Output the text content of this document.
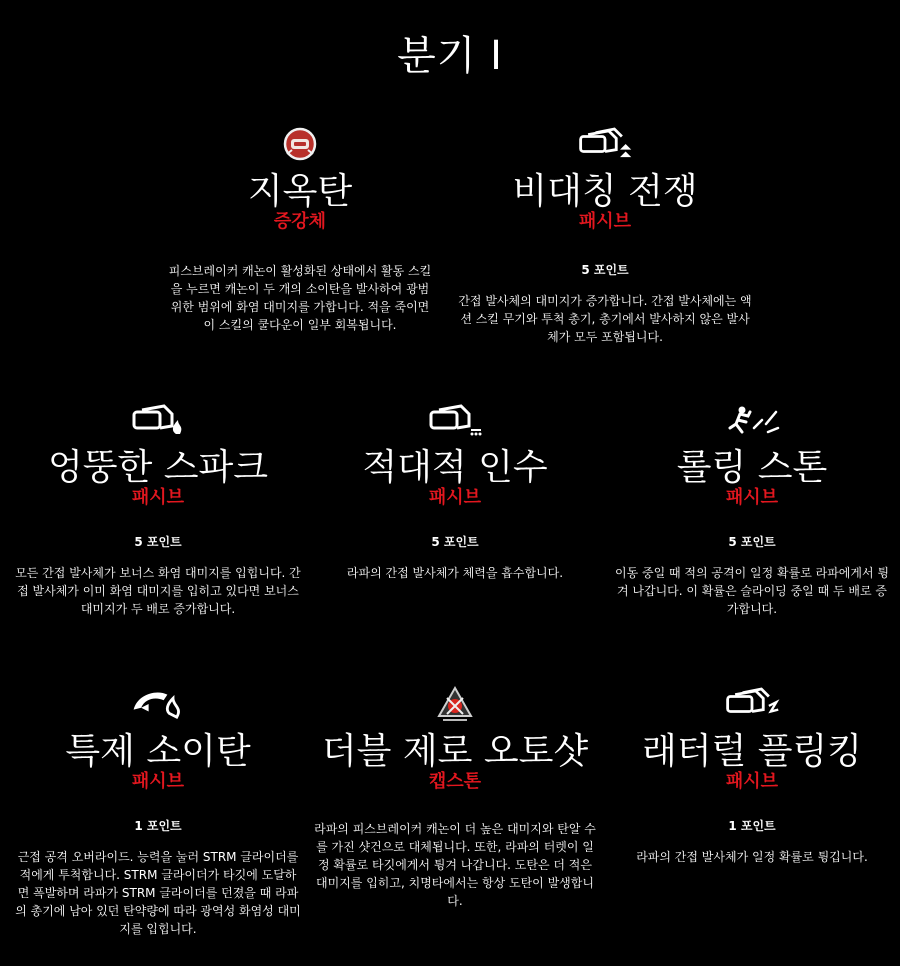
분기 I
지옥탄
증강체
피스브레이커 캐논이 활성화된 상태에서 활동 스킬을 누르면 캐논이 두 개의 소이탄을 발사하여 광범위한 범위에 화염 대미지를 가합니다. 적을 죽이면 이 스킬의 쿨다운이 일부 회복됩니다.
비대칭 전쟁
패시브
5 포인트
간접 발사체의 대미지가 증가합니다. 간접 발사체에는 액션 스킬 무기와 투척 총기, 총기에서 발사하지 않은 발사체가 모두 포함됩니다.
엉뚱한 스파크
패시브
5 포인트
모든 간접 발사체가 보너스 화염 대미지를 입힙니다. 간접 발사체가 이미 화염 대미지를 입히고 있다면 보너스 대미지가 두 배로 증가합니다.
적대적 인수
패시브
5 포인트
라파의 간접 발사체가 체력을 흡수합니다.
롤링 스톤
패시브
5 포인트
이동 중일 때 적의 공격이 일정 확률로 라파에게서 튕겨 나갑니다. 이 확률은 슬라이딩 중일 때 두 배로 증가합니다.
특제 소이탄
패시브
1 포인트
근접 공격 오버라이드. 능력을 눌러 STRM 글라이더를 적에게 투척합니다. STRM 글라이더가 타깃에 도달하면 폭발하며 라파가 STRM 글라이더를 던졌을 때 라파의 총기에 남아 있던 탄약량에 따라 광역성 화염성 대미지를 입힙니다.
더블 제로 오토샷
캡스톤
라파의 피스브레이커 캐논이 더 높은 대미지와 탄알 수를 가진 샷건으로 대체됩니다. 또한, 라파의 터렛이 일정 확률로 타깃에게서 튕겨 나갑니다. 도탄은 더 적은 대미지를 입히고, 치명타에서는 항상 도탄이 발생합니다.
래터럴 플링킹
패시브
1 포인트
라파의 간접 발사체가 일정 확률로 튕깁니다.
